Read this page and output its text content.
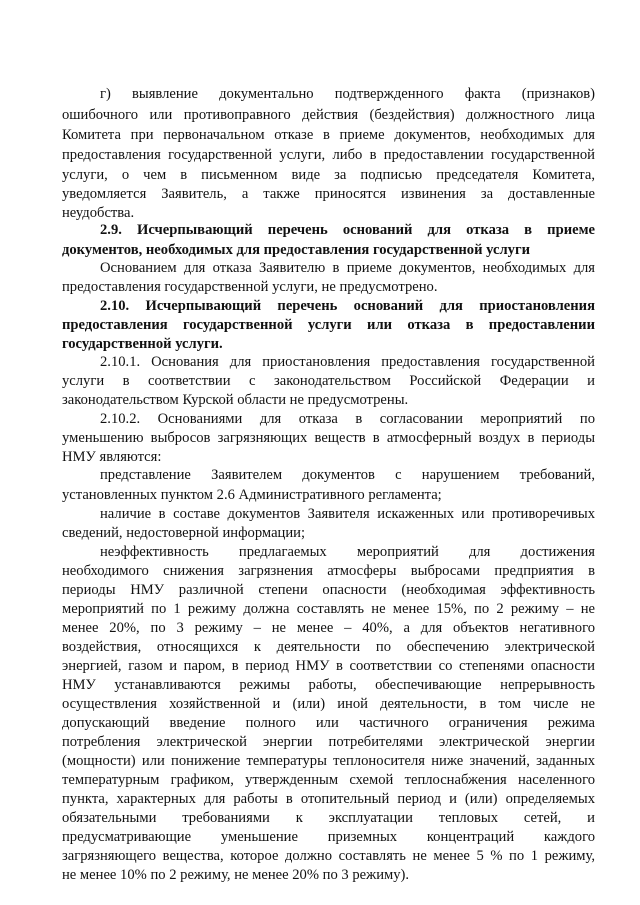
г) выявление документально подтвержденного факта (признаков)
ошибочного или противоправного действия (бездействия) должностного лица
Комитета при первоначальном отказе в приеме документов, необходимых для
предоставления государственной услуги, либо в предоставлении государственной
услуги, о чем в письменном виде за подписью председателя Комитета,
уведомляется Заявитель, а также приносятся извинения за доставленные
неудобства.
2.9. Исчерпывающий перечень оснований для отказа в приеме
документов, необходимых для предоставления государственной услуги
Основанием для отказа Заявителю в приеме документов, необходимых для
предоставления государственной услуги, не предусмотрено.
2.10. Исчерпывающий перечень оснований для приостановления
предоставления государственной услуги или отказа в предоставлении
государственной услуги.
2.10.1. Основания для приостановления предоставления государственной
услуги в соответствии с законодательством Российской Федерации и
законодательством Курской области не предусмотрены.
2.10.2. Основаниями для отказа в согласовании мероприятий по
уменьшению выбросов загрязняющих веществ в атмосферный воздух в периоды
НМУ являются:
представление Заявителем документов с нарушением требований,
установленных пунктом 2.6 Административного регламента;
наличие в составе документов Заявителя искаженных или противоречивых
сведений, недостоверной информации;
неэффективность предлагаемых мероприятий для достижения
необходимого снижения загрязнения атмосферы выбросами предприятия в
периоды НМУ различной степени опасности (необходимая эффективность
мероприятий по 1 режиму должна составлять не менее 15%, по 2 режиму – не
менее 20%, по 3 режиму – не менее – 40%, а для объектов негативного
воздействия, относящихся к деятельности по обеспечению электрической
энергией, газом и паром, в период НМУ в соответствии со степенями опасности
НМУ устанавливаются режимы работы, обеспечивающие непрерывность
осуществления хозяйственной и (или) иной деятельности, в том числе не
допускающий введение полного или частичного ограничения режима
потребления электрической энергии потребителями электрической энергии
(мощности) или понижение температуры теплоносителя ниже значений, заданных
температурным графиком, утвержденным схемой теплоснабжения населенного
пункта, характерных для работы в отопительный период и (или) определяемых
обязательными требованиями к эксплуатации тепловых сетей, и
предусматривающие уменьшение приземных концентраций каждого
загрязняющего вещества, которое должно составлять не менее 5 % по 1 режиму,
не менее 10% по 2 режиму, не менее 20% по 3 режиму).
